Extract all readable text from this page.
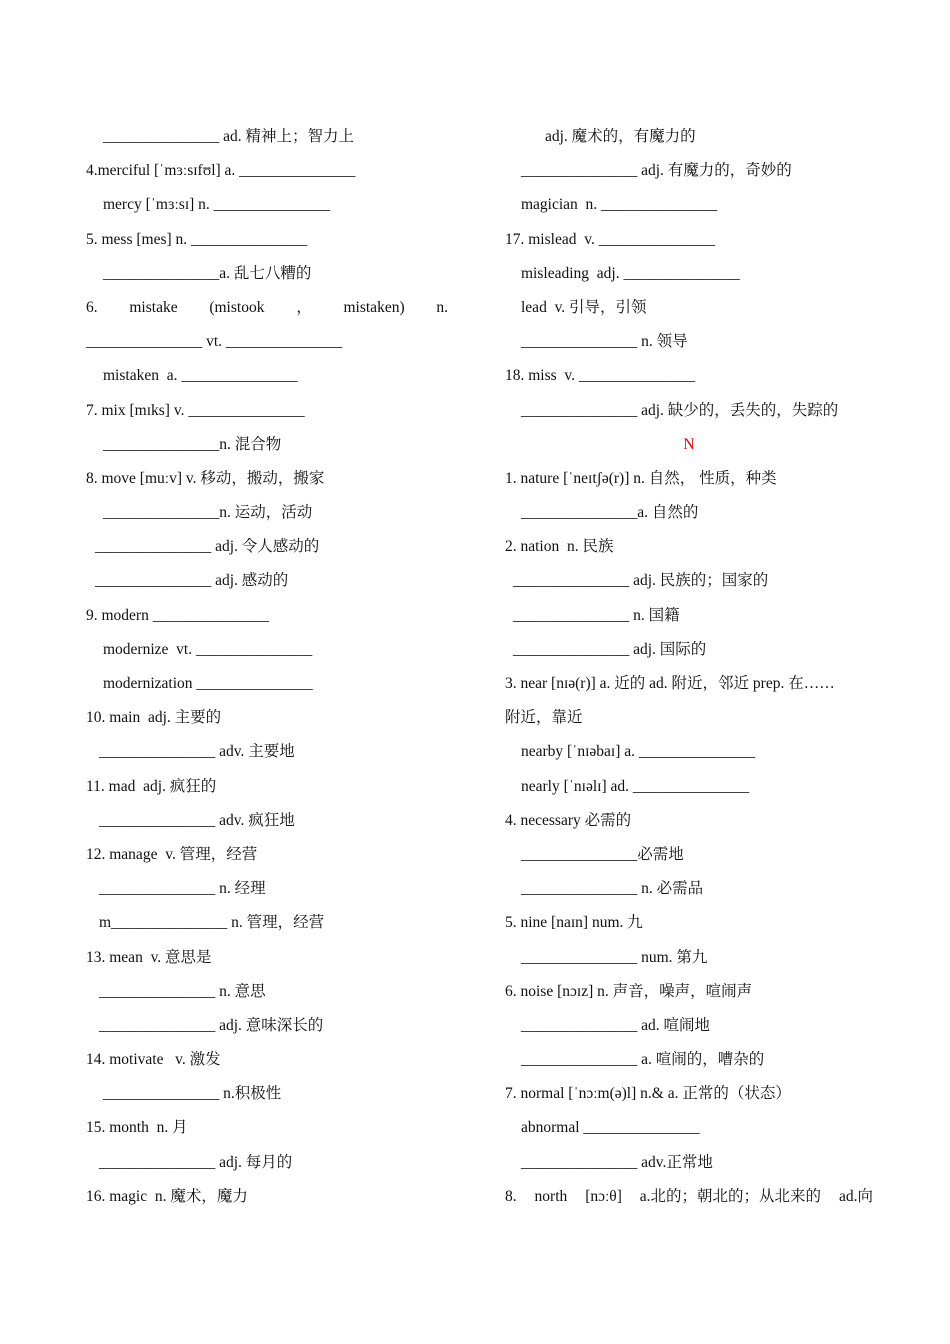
_______________ ad. 精神上；智力上
4.merciful [ˈmɜːsɪfʊl] a. _______________
mercy [ˈmɜːsɪ] n. _______________
5. mess [mes] n. _______________
_______________a. 乱七八糟的
6. mistake (mistook ， mistaken) n.
_______________ vt. _______________
mistaken  a. _______________
7. mix [mɪks] v. _______________
_______________n. 混合物
8. move [muːv] v. 移动，搬动，搬家
_______________n. 运动，活动
_______________ adj. 令人感动的
_______________ adj. 感动的
9. modern _______________
modernize  vt. _______________
modernization _______________
10. main  adj. 主要的
_______________ adv. 主要地
11. mad  adj. 疯狂的
_______________ adv. 疯狂地
12. manage  v. 管理，经营
_______________ n. 经理
m_______________ n. 管理，经营
13. mean  v. 意思是
_______________ n. 意思
_______________ adj. 意味深长的
14. motivate   v. 激发
_______________ n.积极性
15. month  n. 月
_______________ adj. 每月的
16. magic  n. 魔术，魔力
adj. 魔术的，有魔力的
_______________ adj. 有魔力的，奇妙的
magician  n. _______________
17. mislead  v. _______________
misleading  adj. _______________
lead  v. 引导，引领
_______________ n. 领导
18. miss  v. _______________
_______________ adj. 缺少的，丢失的，失踪的
N
1. nature [ˈneɪtʃə(r)] n. 自然， 性质，种类
_______________a. 自然的
2. nation  n. 民族
_______________ adj. 民族的；国家的
_______________ n. 国籍
_______________ adj. 国际的
3. near [nɪə(r)] a. 近的 ad. 附近，邻近 prep. 在……
附近，靠近
nearby [ˈnɪəbaɪ] a. _______________
nearly [ˈnɪəlɪ] ad. _______________
4. necessary 必需的
_______________必需地
_______________ n. 必需品
5. nine [naɪn] num. 九
_______________ num. 第九
6. noise [nɔɪz] n. 声音，噪声，喧闹声
_______________ ad. 喧闹地
_______________ a. 喧闹的，嘈杂的
7. normal [ˈnɔːm(ə)l] n.& a. 正常的（状态）
abnormal _______________
_______________ adv.正常地
8. north [nɔːθ] a.北的；朝北的；从北来的 ad.向
